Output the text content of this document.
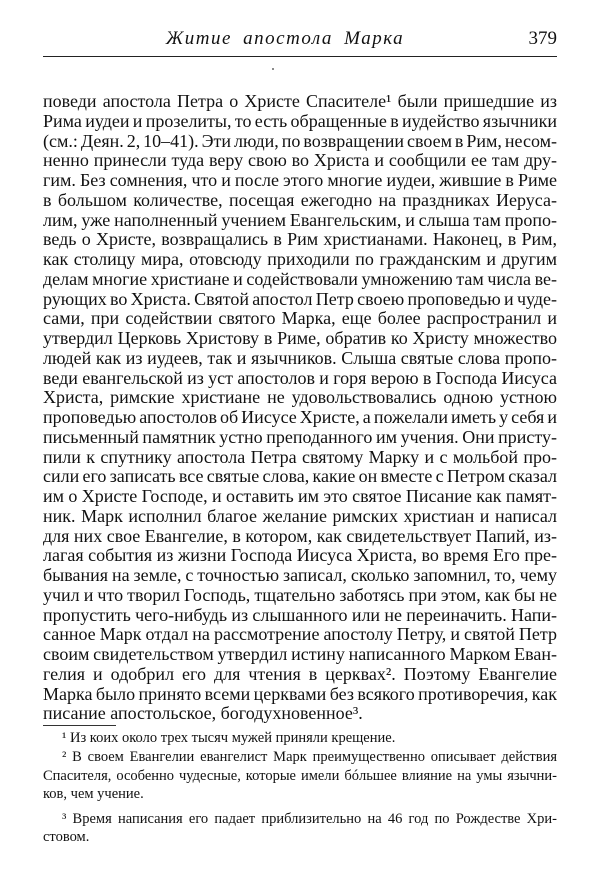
Житие апостола Марка	379
поведи апостола Петра о Христе Спасителе¹ были пришедшие из
Рима иудеи и прозелиты, то есть обращенные в иудейство язычники
(см.: Деян. 2, 10–41). Эти люди, по возвращении своем в Рим, несом-
ненно принесли туда веру свою во Христа и сообщили ее там дру-
гим. Без сомнения, что и после этого многие иудеи, жившие в Риме
в большом количестве, посещая ежегодно на праздниках Иеруса-
лим, уже наполненный учением Евангельским, и слыша там пропо-
ведь о Христе, возвращались в Рим христианами. Наконец, в Рим,
как столицу мира, отовсюду приходили по гражданским и другим
делам многие христиане и содействовали умножению там числа ве-
рующих во Христа. Святой апостол Петр своею проповедью и чуде-
сами, при содействии святого Марка, еще более распространил и
утвердил Церковь Христову в Риме, обратив ко Христу множество
людей как из иудеев, так и язычников. Слыша святые слова пропо-
веди евангельской из уст апостолов и горя верою в Господа Иисуса
Христа, римские христиане не удовольствовались одною устною
проповедью апостолов об Иисусе Христе, а пожелали иметь у себя и
письменный памятник устно преподанного им учения. Они присту-
пили к спутнику апостола Петра святому Марку и с мольбой про-
сили его записать все святые слова, какие он вместе с Петром сказал
им о Христе Господе, и оставить им это святое Писание как памят-
ник. Марк исполнил благое желание римских христиан и написал
для них свое Евангелие, в котором, как свидетельствует Папий, из-
лагая события из жизни Господа Иисуса Христа, во время Его пре-
бывания на земле, с точностью записал, сколько запомнил, то, чему
учил и что творил Господь, тщательно заботясь при этом, как бы не
пропустить чего-нибудь из слышанного или не переиначить. Напи-
санное Марк отдал на рассмотрение апостолу Петру, и святой Петр
своим свидетельством утвердил истину написанного Марком Еван-
гелия и одобрил его для чтения в церквах². Поэтому Евангелие
Марка было принято всеми церквами без всякого противоречия, как
писание апостольское, богодухновенное³.
¹ Из коих около трех тысяч мужей приняли крещение.
² В своем Евангелии евангелист Марк преимущественно описывает действия
Спасителя, особенно чудесные, которые имели бóльшее влияние на умы язычни-
ков, чем учение.
³ Время написания его падает приблизительно на 46 год по Рождестве Хри-
стовом.
